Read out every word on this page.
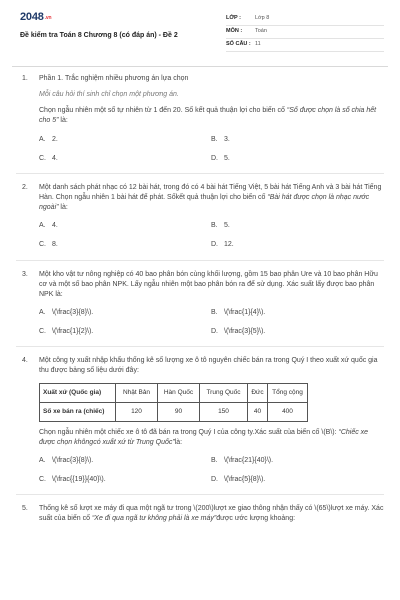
2048.vn
Đề kiểm tra Toán 8 Chương 8 (có đáp án) - Đề 2
LỚP :	Lớp 8
MÔN :	Toán
SỐ CÂU : 11
1. Phần 1. Trắc nghiệm nhiều phương án lựa chọn
Mỗi câu hỏi thí sinh chỉ chọn một phương án.
Chọn ngẫu nhiên một số tự nhiên từ 1 đến 20. Số kết quả thuận lợi cho biến cố “Số được chọn là số chia hết cho 5” là:
A. 2.	B. 3.
C. 4.	D. 5.
2. Một danh sách phát nhạc có 12 bài hát, trong đó có 4 bài hát Tiếng Việt, 5 bài hát Tiếng Anh và 3 bài hát Tiếng Hàn. Chọn ngẫu nhiên 1 bài hát để phát. Sốkết quả thuận lợi cho biến cố “Bài hát được chọn là nhạc nước ngoài” là:
A. 4.	B. 5.
C. 8.	D. 12.
3. Một kho vật tư nông nghiệp có 40 bao phân bón cùng khối lượng, gồm 15 bao phân Ure và 10 bao phân Hữu cơ và một số bao phân NPK. Lấy ngẫu nhiên một bao phân bón ra để sử dụng. Xác suất lấy được bao phân NPK là:
A. \(\frac{3}{8}\).	B. \(\frac{1}{4}\).
C. \(\frac{1}{2}\).	D. \(\frac{3}{5}\).
4. Một công ty xuất nhập khẩu thống kê số lượng xe ô tô nguyên chiếc bán ra trong Quý I theo xuất xứ quốc gia thu được bảng số liệu dưới đây:
Xuất xứ (Quốc gia)	Nhật Bản	Hàn Quốc	Trung Quốc	Đức	Tổng cộng
Số xe bán ra (chiếc)	120	90	150	40	400
Chọn ngẫu nhiên một chiếc xe ô tô đã bán ra trong Quý I của công ty.Xác suất của biến cố \(B\): “Chiếc xe được chọn khôngcó xuất xứ từ Trung Quốc”là:
A. \(\frac{3}{8}\).	B. \(\frac{21}{40}\).
C. \(\frac{{19}}{40}\).	D. \(\frac{5}{8}\).
5. Thống kê số lượt xe máy đi qua một ngã tư trong \(200\)lượt xe giao thông nhận thấy có \(65\)lượt xe máy. Xác suất của biến cố “Xe đi qua ngã tư không phải là xe máy”được ước lượng khoảng:
